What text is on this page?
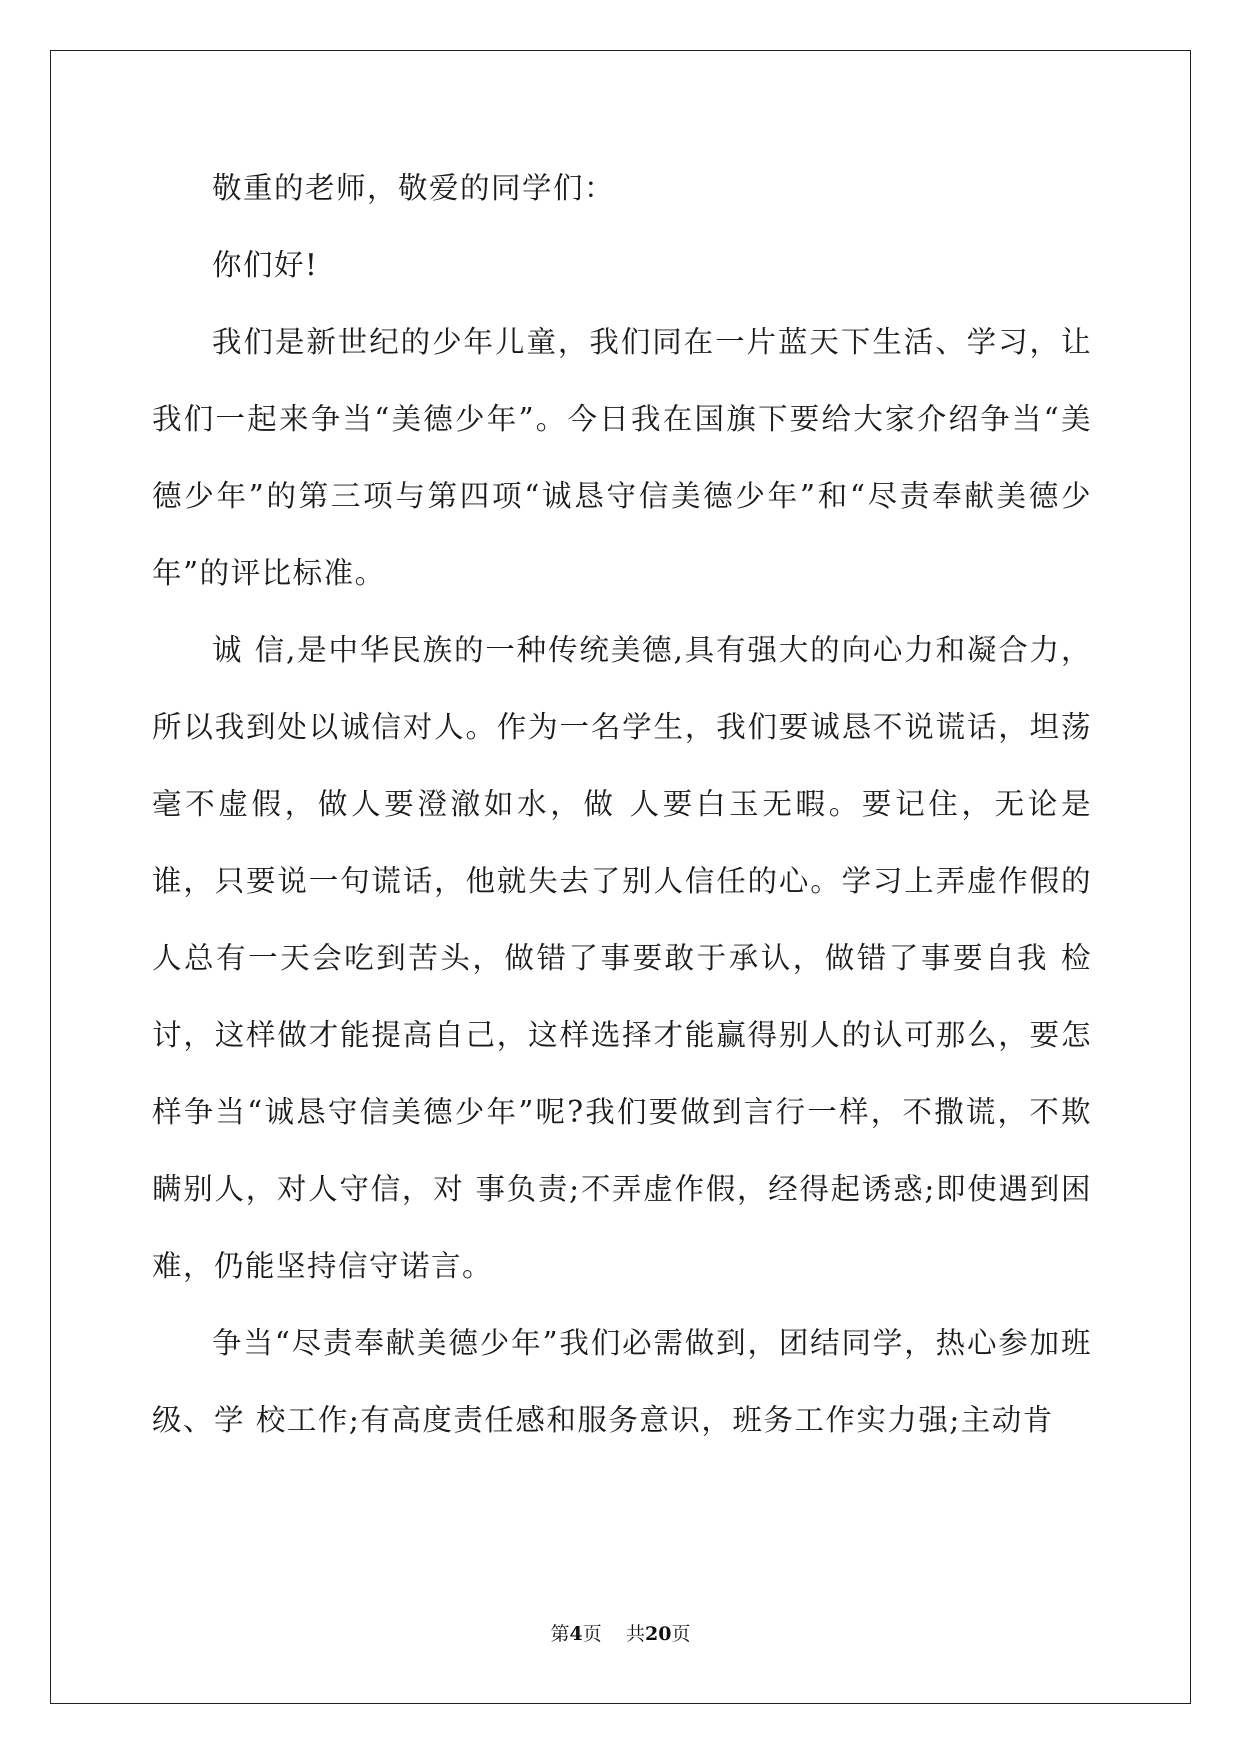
敬重的老师，敬爱的同学们：

你们好!

我们是新世纪的少年儿童，我们同在一片蓝天下生活、学习，让我们一起来争当“美德少年”。今日我在国旗下要给大家介绍争当“美德少年”的第三项与第四项“诚恳守信美德少年”和“尽责奉献美德少年”的评比标准。

诚 信,是中华民族的一种传统美德,具有强大的向心力和凝合力，所以我到处以诚信对人。作为一名学生，我们要诚恳不说谎话，坦荡毫不虚假，做人要澄澈如水，做 人要白玉无暇。要记住，无论是谁，只要说一句谎话，他就失去了别人信任的心。学习上弄虚作假的人总有一天会吃到苦头，做错了事要敢于承认，做错了事要自我 检讨，这样做才能提高自己，这样选择才能赢得别人的认可那么，要怎样争当“诚恳守信美德少年”呢?我们要做到言行一样，不撒谎，不欺瞒别人，对人守信，对 事负责;不弄虚作假，经得起诱惑;即使遇到困难，仍能坚持信守诺言。

争当“尽责奉献美德少年”我们必需做到，团结同学，热心参加班级、学 校工作;有高度责任感和服务意识，班务工作实力强;主动肯

第4页 共20页
